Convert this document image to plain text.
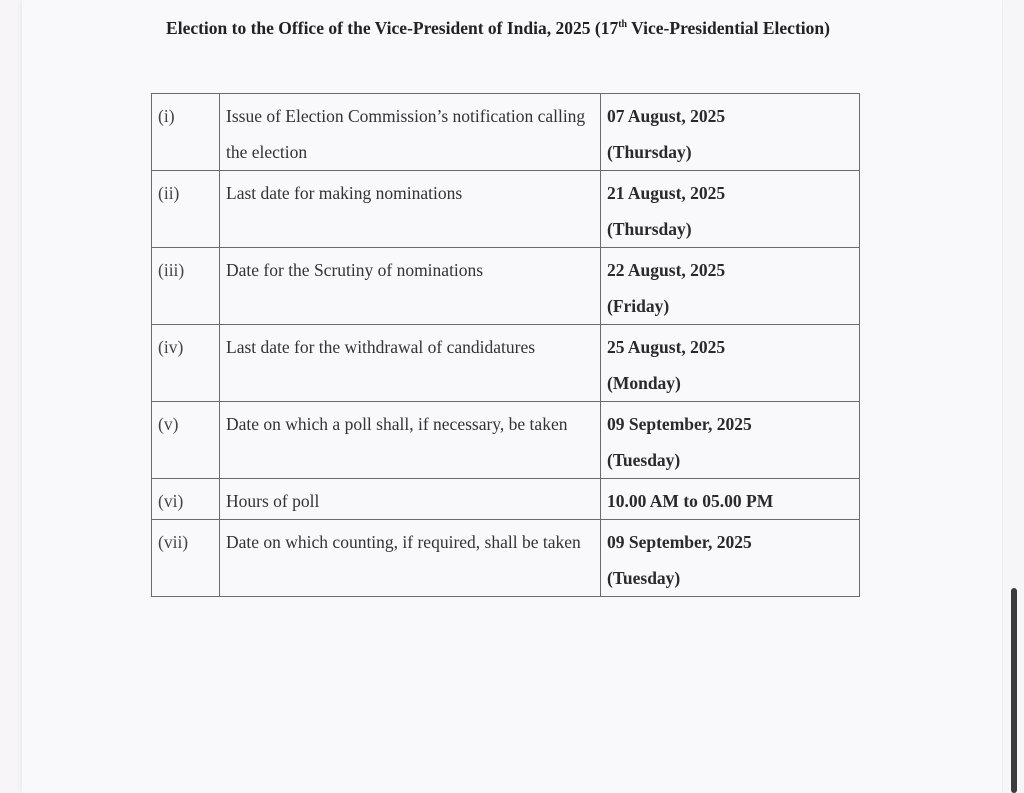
Election to the Office of the Vice-President of India, 2025 (17th Vice-Presidential Election)
(i)	Issue of Election Commission’s notification calling the election	07 August, 2025
(Thursday)

(ii)	Last date for making nominations	21 August, 2025
(Thursday)

(iii)	Date for the Scrutiny of nominations	22 August, 2025
(Friday)

(iv)	Last date for the withdrawal of candidatures	25 August, 2025
(Monday)

(v)	Date on which a poll shall, if necessary, be taken	09 September, 2025
(Tuesday)

(vi)	Hours of poll	10.00 AM to 05.00 PM

(vii)	Date on which counting, if required, shall be taken	09 September, 2025
(Tuesday)
